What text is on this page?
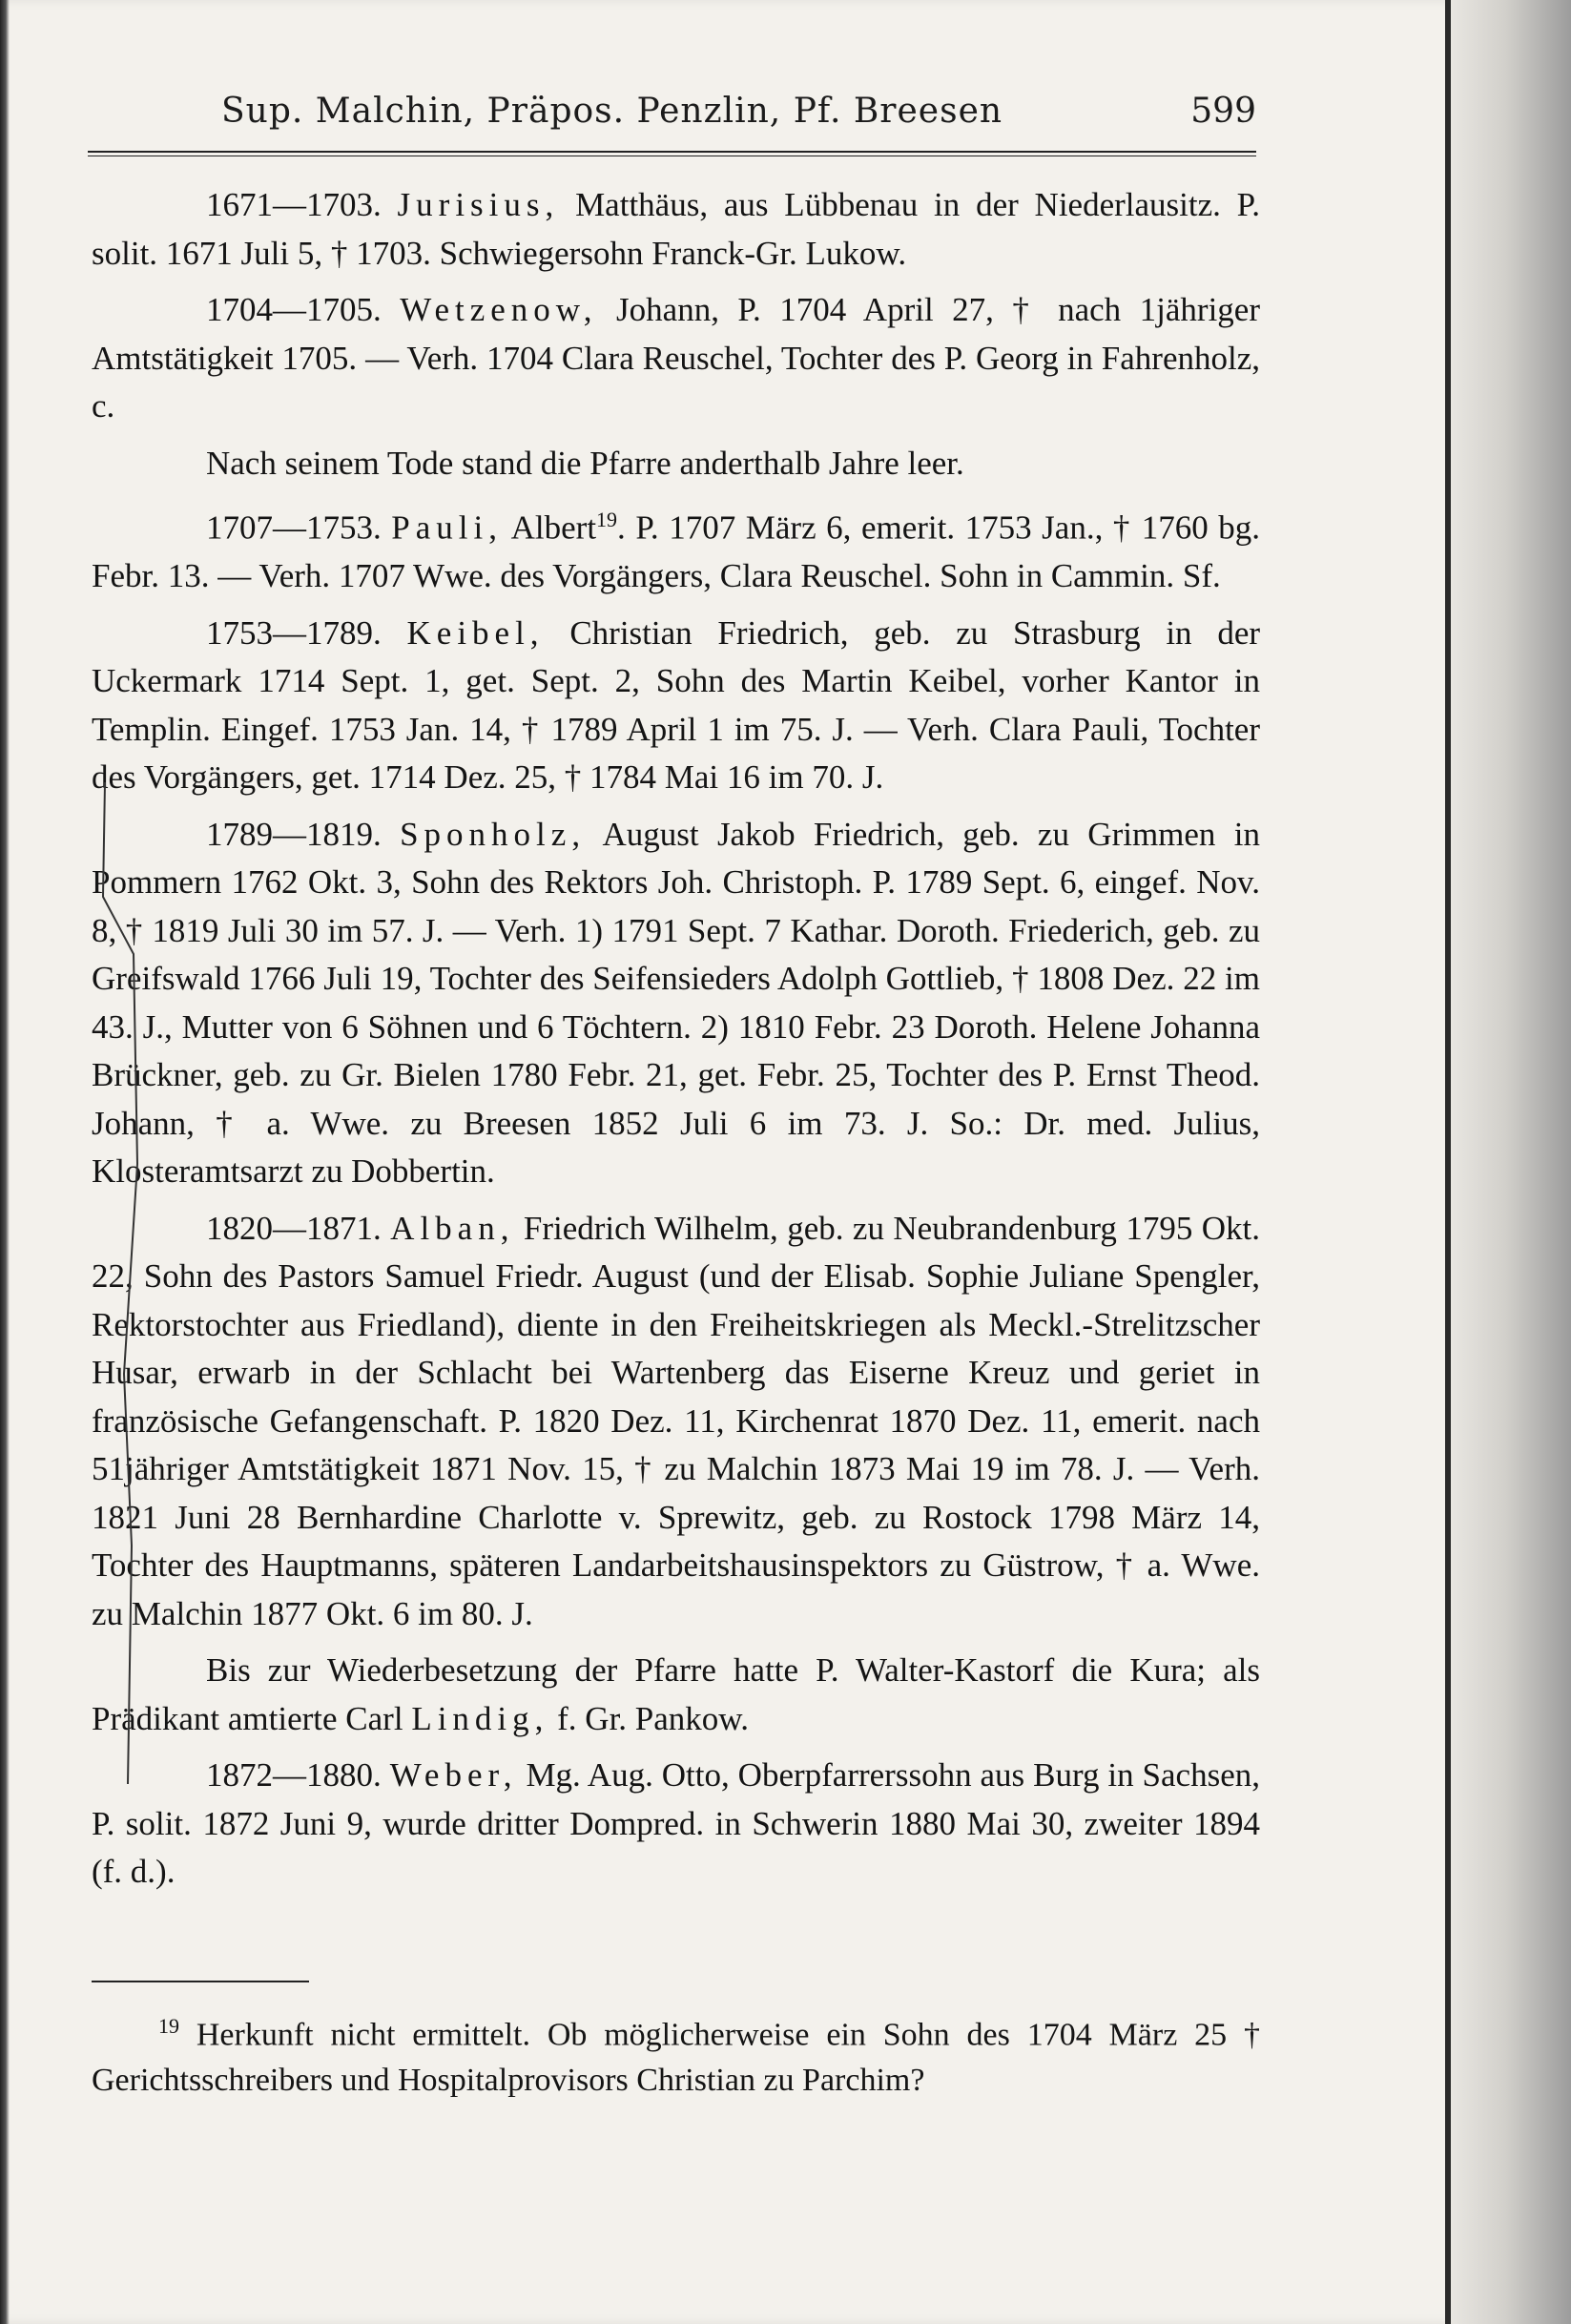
Sup. Malchin, Präpos. Penzlin, Pf. Breesen	599

1671—1703. Jurisius, Matthäus, aus Lübbenau in der Niederlausitz. P. solit. 1671 Juli 5, † 1703. Schwiegersohn Franck-Gr. Lukow.

1704—1705. Wetzenow, Johann, P. 1704 April 27, † nach 1jähriger Amtstätigkeit 1705. — Verh. 1704 Clara Reuschel, Tochter des P. Georg in Fahrenholz, c.

Nach seinem Tode stand die Pfarre anderthalb Jahre leer.

1707—1753. Pauli, Albert$^{19}$. P. 1707 März 6, emerit. 1753 Jan., † 1760 bg. Febr. 13. — Verh. 1707 Wwe. des Vorgängers, Clara Reuschel. Sohn in Cammin. Sf.

1753—1789. Keibel, Christian Friedrich, geb. zu Strasburg in der Uckermark 1714 Sept. 1, get. Sept. 2, Sohn des Martin Keibel, vorher Kantor in Templin. Eingef. 1753 Jan. 14, † 1789 April 1 im 75. J. — Verh. Clara Pauli, Tochter des Vorgängers, get. 1714 Dez. 25, † 1784 Mai 16 im 70. J.

1789—1819. Sponholz, August Jakob Friedrich, geb. zu Grimmen in Pommern 1762 Okt. 3, Sohn des Rektors Joh. Christoph. P. 1789 Sept. 6, eingef. Nov. 8, † 1819 Juli 30 im 57. J. — Verh. 1) 1791 Sept. 7 Kathar. Doroth. Friederich, geb. zu Greifswald 1766 Juli 19, Tochter des Seifensieders Adolph Gottlieb, † 1808 Dez. 22 im 43. J., Mutter von 6 Söhnen und 6 Töchtern. 2) 1810 Febr. 23 Doroth. Helene Johanna Brückner, geb. zu Gr. Bielen 1780 Febr. 21, get. Febr. 25, Tochter des P. Ernst Theod. Johann, † a. Wwe. zu Breesen 1852 Juli 6 im 73. J. So.: Dr. med. Julius, Klosteramtsarzt zu Dobbertin.

1820—1871. Alban, Friedrich Wilhelm, geb. zu Neubrandenburg 1795 Okt. 22, Sohn des Pastors Samuel Friedr. August (und der Elisab. Sophie Juliane Spengler, Rektorstochter aus Friedland), diente in den Freiheitskriegen als Meckl.-Strelitzscher Husar, erwarb in der Schlacht bei Wartenberg das Eiserne Kreuz und geriet in französische Gefangenschaft. P. 1820 Dez. 11, Kirchenrat 1870 Dez. 11, emerit. nach 51jähriger Amtstätigkeit 1871 Nov. 15, † zu Malchin 1873 Mai 19 im 78. J. — Verh. 1821 Juni 28 Bernhardine Charlotte v. Sprewitz, geb. zu Rostock 1798 März 14, Tochter des Hauptmanns, späteren Landarbeitshausinspektors zu Güstrow, † a. Wwe. zu Malchin 1877 Okt. 6 im 80. J.

Bis zur Wiederbesetzung der Pfarre hatte P. Walter-Kastorf die Kura; als Prädikant amtierte Carl Lindig, f. Gr. Pankow.

1872—1880. Weber, Mg. Aug. Otto, Oberpfarrerssohn aus Burg in Sachsen, P. solit. 1872 Juni 9, wurde dritter Dompred. in Schwerin 1880 Mai 30, zweiter 1894 (f. d.).

$^{19}$ Herkunft nicht ermittelt. Ob möglicherweise ein Sohn des 1704 März 25 † Gerichtsschreibers und Hospitalprovisors Christian zu Parchim?
